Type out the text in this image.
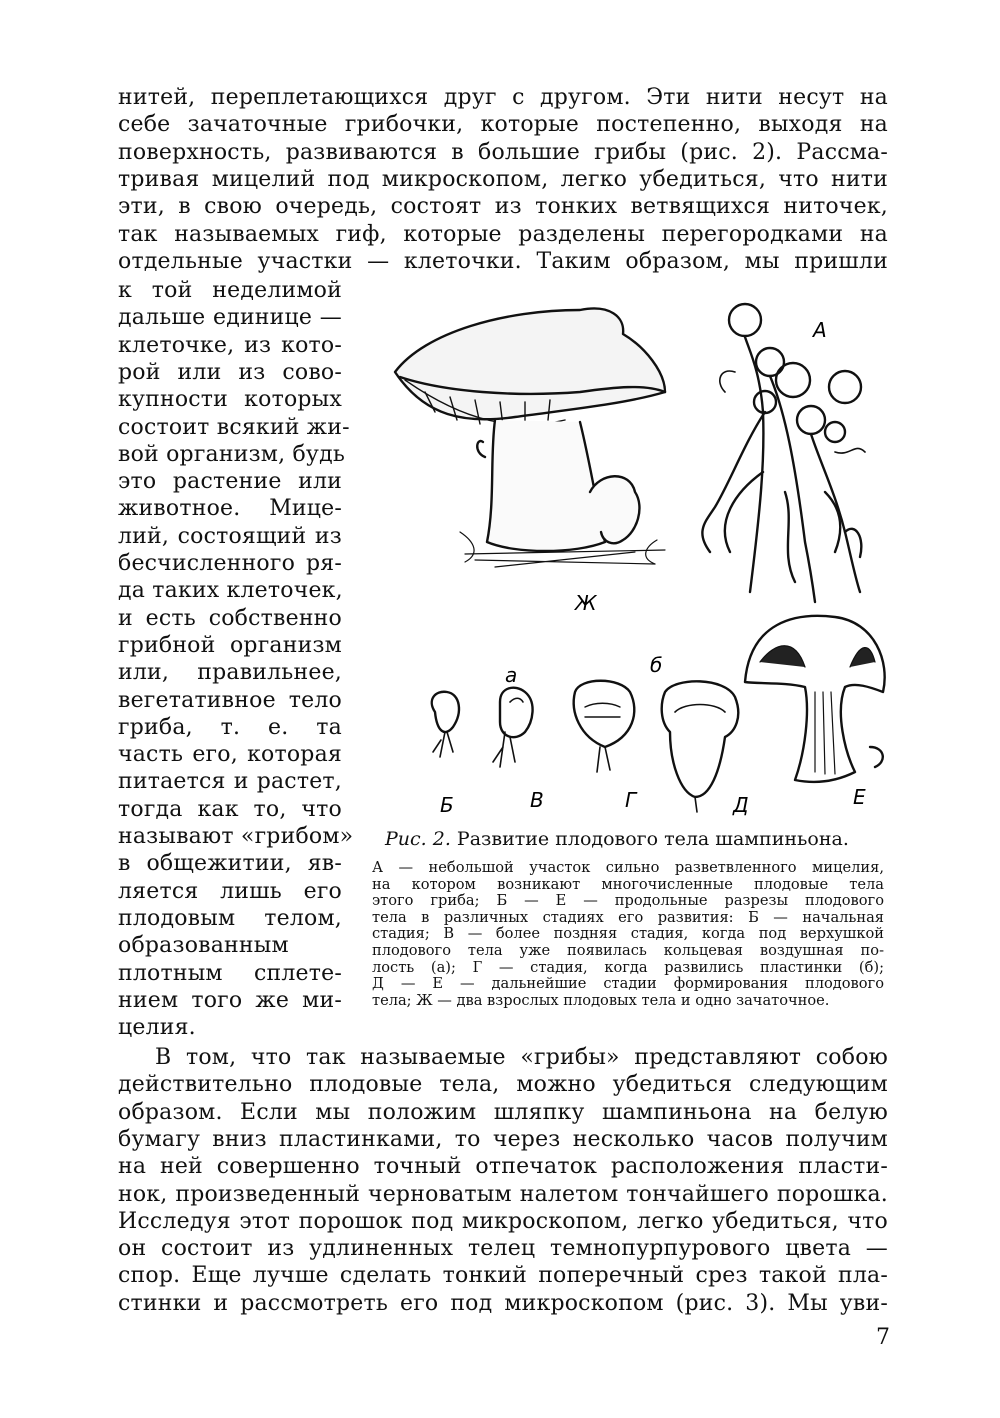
нитей, переплетающихся друг с другом. Эти нити несут на
себе зачаточные грибочки, которые постепенно, выходя на
поверхность, развиваются в большие грибы (рис. 2). Рассма-
тривая мицелий под микроскопом, легко убедиться, что нити
эти, в свою очередь, состоят из тонких ветвящихся ниточек,
так называемых гиф, которые разделены перегородками на
отдельные участки — клеточки. Таким образом, мы пришли
к той неделимой
дальше единице —
клеточке, из кото-
рой или из сово-
купности которых
состоит всякий жи-
вой организм, будь
это растение или
животное. Мице-
лий, состоящий из
бесчисленного ря-
да таких клеточек,
и есть собственно
грибной организм
или, правильнее,
вегетативное тело
гриба, т. е. та
часть его, которая
питается и растет,
тогда как то, что
называют «грибом»
в общежитии, яв-
ляется лишь его
плодовым телом,
образованным
плотным сплете-
нием того же ми-
целия.
В том, что так называемые «грибы» представляют собою
действительно плодовые тела, можно убедиться следующим
образом. Если мы положим шляпку шампиньона на белую
бумагу вниз пластинками, то через несколько часов получим
на ней совершенно точный отпечаток расположения пласти-
нок, произведенный черноватым налетом тончайшего порошка.
Исследуя этот порошок под микроскопом, легко убедиться, что
он состоит из удлиненных телец темнопурпурового цвета —
спор. Еще лучше сделать тонкий поперечный срез такой пла-
стинки и рассмотреть его под микроскопом (рис. 3). Мы уви-
А
Ж
а	б
Б	В	Г	Д	Е
Рис. 2. Развитие плодового тела шампиньона.
А — небольшой участок сильно разветвленного мицелия,
на котором возникают многочисленные плодовые тела
этого гриба; Б — Е — продольные разрезы плодового
тела в различных стадиях его развития: Б — начальная
стадия; В — более поздняя стадия, когда под верхушкой
плодового тела уже появилась кольцевая воздушная по-
лость (а); Г — стадия, когда развились пластинки (б);
Д — Е — дальнейшие стадии формирования плодового
тела; Ж — два взрослых плодовых тела и одно зачаточное.
7
